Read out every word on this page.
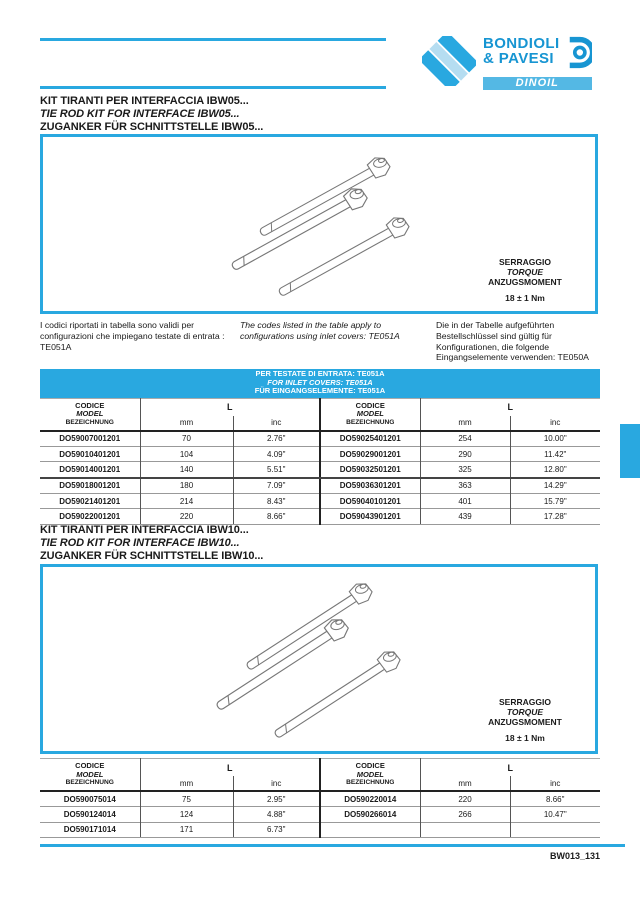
BONDIOLI
& PAVESI
DINOIL
KIT TIRANTI PER INTERFACCIA IBW05...
TIE ROD KIT FOR INTERFACE IBW05...
ZUGANKER FÜR SCHNITTSTELLE IBW05...
SERRAGGIO
TORQUE
ANZUGSMOMENT
18 ± 1 Nm
I codici riportati in tabella sono validi per configurazioni che impiegano testate di entrata : TE051A
The codes listed in the table apply to configurations using inlet covers: TE051A
Die in der Tabelle aufgeführten Bestellschlüssel sind gültig für Konfigurationen, die folgende Eingangselemente verwenden: TE050A
PER TESTATE DI ENTRATA: TE051A
FOR INLET COVERS: TE051A
FÜR EINGANGSELEMENTE: TE051A
CODICE
MODEL
BEZEICHNUNG
	L	CODICE
MODEL
BEZEICHNUNG
	L
	mm	inc		mm	inc
DO59007001201	70	2.76"	DO59025401201	254	10.00"
DO59010401201	104	4.09"	DO59029001201	290	11.42"
DO59014001201	140	5.51"	DO59032501201	325	12.80"
DO59018001201	180	7.09"	DO59036301201	363	14.29"
DO59021401201	214	8.43"	DO59040101201	401	15.79"
DO59022001201	220	8.66"	DO59043901201	439	17.28"
KIT TIRANTI PER INTERFACCIA IBW10...
TIE ROD KIT FOR INTERFACE IBW10...
ZUGANKER FÜR SCHNITTSTELLE IBW10...
SERRAGGIO
TORQUE
ANZUGSMOMENT
18 ± 1 Nm
CODICE
MODEL
BEZEICHNUNG
	L	CODICE
MODEL
BEZEICHNUNG
	L
	mm	inc		mm	inc
DO590075014	75	2.95"	DO590220014	220	8.66"
DO590124014	124	4.88"	DO590266014	266	10.47"
DO590171014	171	6.73"			
BW013_131
